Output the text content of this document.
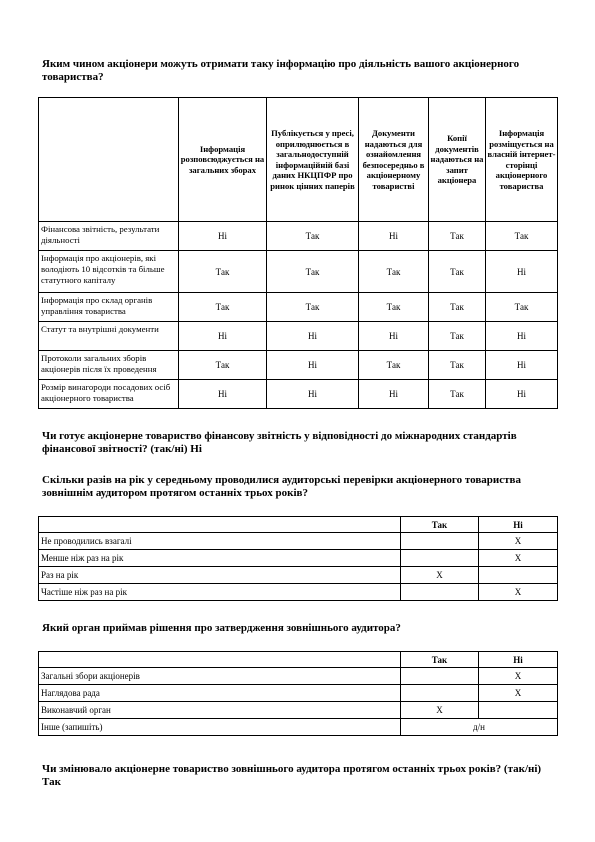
Яким чином акціонери можуть отримати таку інформацію про діяльність вашого акціонерного товариства?
	Інформація розповсюджується на загальних зборах	Публікується у пресі, оприлюднюється в загальнодоступній інформаційній базі даних НКЦПФР про ринок цінних паперів	Документи надаються для ознайомлення безпосередньо в акціонерному товаристві	Копії документів надаються на запит акціонера	Інформація розміщується на власній інтернет-сторінці акціонерного товариства
Фінансова звітність, результати діяльності	Ні	Так	Ні	Так	Так
Інформація про акціонерів, які володіють 10 відсотків та більше статутного капіталу	Так	Так	Так	Так	Ні
Інформація про склад органів управління товариства	Так	Так	Так	Так	Так
Статут та внутрішні документи	Ні	Ні	Ні	Так	Ні
Протоколи загальних зборів акціонерів після їх проведення	Так	Ні	Так	Так	Ні
Розмір винагороди посадових осіб акціонерного товариства	Ні	Ні	Ні	Так	Ні
Чи готує акціонерне товариство фінансову звітність у відповідності до міжнародних стандартів фінансової звітності? (так/ні) Ні
Скільки разів на рік у середньому проводилися аудиторські перевірки акціонерного товариства зовнішнім аудитором протягом останніх трьох років?
	Так	Ні
Не проводились взагалі		X
Менше ніж раз на рік		X
Раз на рік	X	
Частіше ніж раз на рік		X
Який орган приймав рішення про затвердження зовнішнього аудитора?
	Так	Ні
Загальні збори акціонерів		X
Наглядова рада		X
Виконавчий орган	X	
Інше (запишіть)	д/н	
Чи змінювало акціонерне товариство зовнішнього аудитора протягом останніх трьох років? (так/ні) Так
